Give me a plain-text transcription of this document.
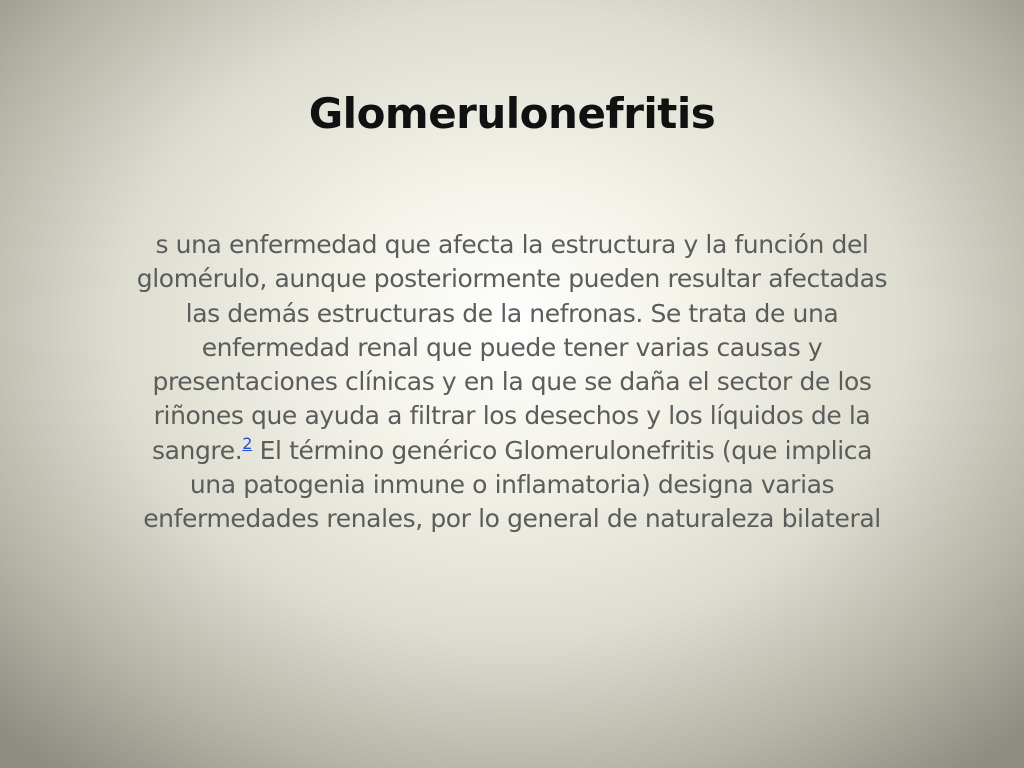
Glomerulonefritis
s una enfermedad que afecta la estructura y la función del glomérulo, aunque posteriormente pueden resultar afectadas las demás estructuras de la nefronas. Se trata de una enfermedad renal que puede tener varias causas y presentaciones clínicas y en la que se daña el sector de los riñones que ayuda a filtrar los desechos y los líquidos de la sangre.$^2$ El término genérico Glomerulonefritis (que implica una patogenia inmune o inflamatoria) designa varias enfermedades renales, por lo general de naturaleza bilateral
